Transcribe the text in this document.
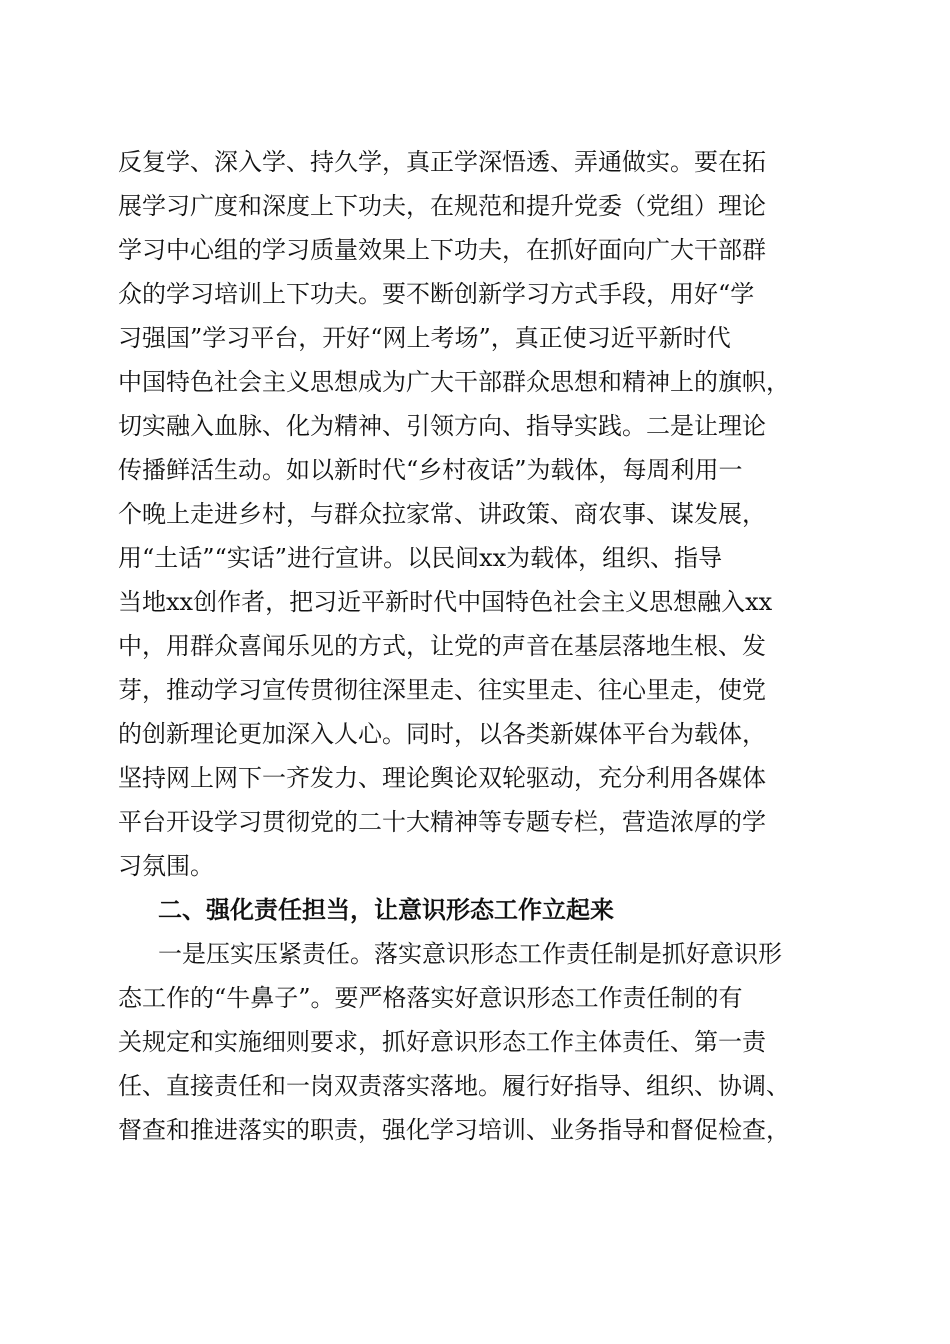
反复学、深入学、持久学，真正学深悟透、弄通做实。要在拓
展学习广度和深度上下功夫，在规范和提升党委（党组）理论
学习中心组的学习质量效果上下功夫，在抓好面向广大干部群
众的学习培训上下功夫。要不断创新学习方式手段，用好“学
习强国”学习平台，开好“网上考场”，真正使习近平新时代
中国特色社会主义思想成为广大干部群众思想和精神上的旗帜，
切实融入血脉、化为精神、引领方向、指导实践。二是让理论
传播鲜活生动。如以新时代“乡村夜话”为载体，每周利用一
个晚上走进乡村，与群众拉家常、讲政策、商农事、谋发展，
用“土话”“实话”进行宣讲。以民间xx为载体，组织、指导
当地xx创作者，把习近平新时代中国特色社会主义思想融入xx
中，用群众喜闻乐见的方式，让党的声音在基层落地生根、发
芽，推动学习宣传贯彻往深里走、往实里走、往心里走，使党
的创新理论更加深入人心。同时，以各类新媒体平台为载体，
坚持网上网下一齐发力、理论舆论双轮驱动，充分利用各媒体
平台开设学习贯彻党的二十大精神等专题专栏，营造浓厚的学
习氛围。
二、强化责任担当，让意识形态工作立起来
一是压实压紧责任。落实意识形态工作责任制是抓好意识形
态工作的“牛鼻子”。要严格落实好意识形态工作责任制的有
关规定和实施细则要求，抓好意识形态工作主体责任、第一责
任、直接责任和一岗双责落实落地。履行好指导、组织、协调、
督查和推进落实的职责，强化学习培训、业务指导和督促检查，
